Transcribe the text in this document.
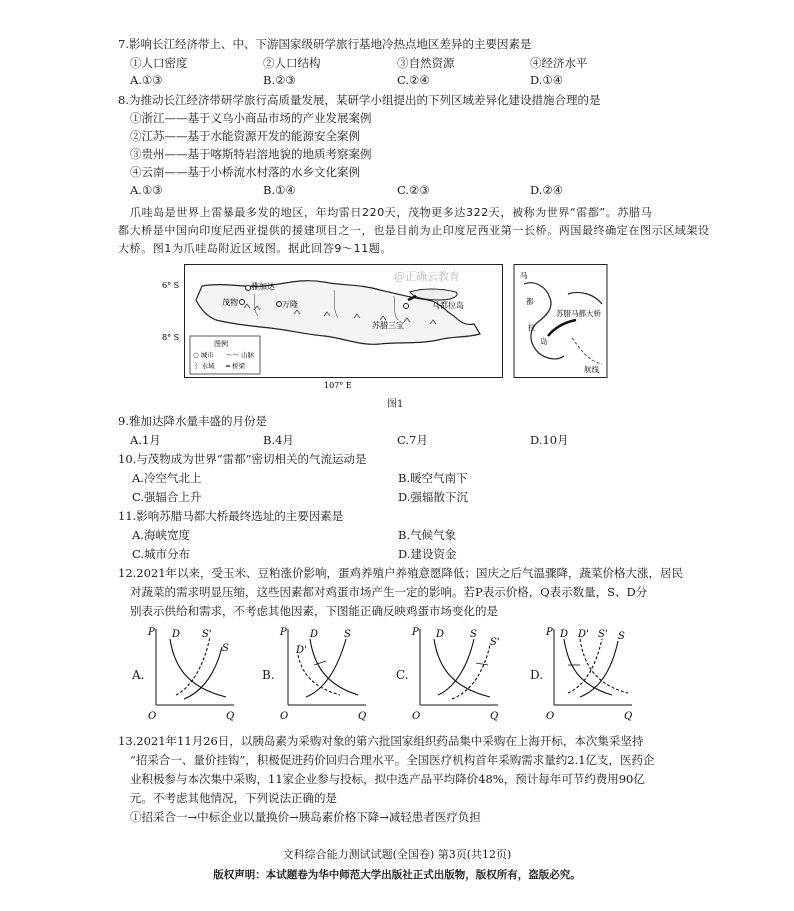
7.影响长江经济带上、中、下游国家级研学旅行基地冷热点地区差异的主要因素是
①人口密度	②人口结构	③自然资源	④经济水平
A.①③	B.②③	C.②④	D.①④
8.为推动长江经济带研学旅行高质量发展，某研学小组提出的下列区域差异化建设措施合理的是
①浙江——基于义乌小商品市场的产业发展案例
②江苏——基于水能资源开发的能源安全案例
③贵州——基于喀斯特岩溶地貌的地质考察案例
④云南——基于小桥流水村落的水乡文化案例
A.①③	B.①④	C.②③	D.②④
爪哇岛是世界上雷暴最多发的地区，年均雷日220天，茂物更多达322天，被称为世界“雷都”。苏腊马
都大桥是中国向印度尼西亚提供的援建项目之一，也是目前为止印度尼西亚第一长桥。两国最终确定在图示区域架设
大桥。图1为爪哇岛附近区域图。据此回答9～11题。
雅加达
茂物	万隆	马都拉岛
苏腊三宝
6° S
8° S
107° E
@正确云教育
图例
○ 城市 〜〜 山脉
⌇ 水域 ═ 桥梁
马
都
拉
岛
苏腊马都大桥
航线
图1
9.雅加达降水量丰盛的月份是
A.1月	B.4月	C.7月	D.10月
10.与茂物成为世界“雷都”密切相关的气流运动是
A.冷空气北上	B.暖空气南下
C.强辐合上升	D.强辐散下沉
11.影响苏腊马都大桥最终选址的主要因素是
A.海峡宽度	B.气候气象
C.城市分布	D.建设资金
12.2021年以来，受玉米、豆粕涨价影响，蛋鸡养殖户养殖意愿降低；国庆之后气温骤降，蔬菜价格大涨，居民
对蔬菜的需求明显压缩，这些因素都对鸡蛋市场产生一定的影响。若P表示价格，Q表示数量，S、D分
别表示供给和需求，不考虑其他因素，下图能正确反映鸡蛋市场变化的是
A.
P
Q
O
D S'
S
B.
P
Q
O
D'
D	S
C.
P
Q
O
D	S
S'
D.
P
Q
O
D D' S' S
13.2021年11月26日，以胰岛素为采购对象的第六批国家组织药品集中采购在上海开标，本次集采坚持
“招采合一、量价挂钩”，积极促进药价回归合理水平。全国医疗机构首年采购需求量约2.1亿支，医药企
业积极参与本次集中采购，11家企业参与投标，拟中选产品平均降价48%，预计每年可节约费用90亿
元。不考虑其他情况，下列说法正确的是
①招采合一→中标企业以量换价→胰岛素价格下降→减轻患者医疗负担
文科综合能力测试试题(全国卷) 第3页(共12页)
版权声明：本试题卷为华中师范大学出版社正式出版物，版权所有，盗版必究。
